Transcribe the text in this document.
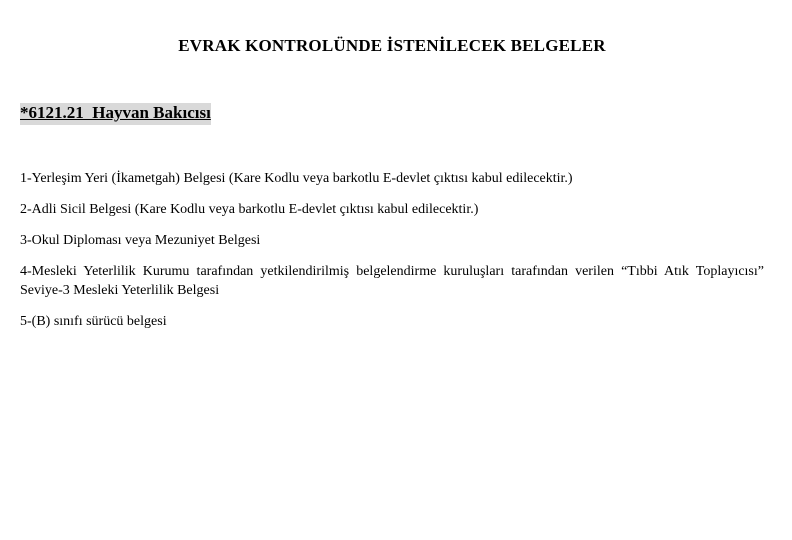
EVRAK KONTROLÜNDE İSTENİLECEK BELGELER
*6121.21  Hayvan Bakıcısı
1-Yerleşim Yeri (İkametgah) Belgesi (Kare Kodlu veya barkotlu E-devlet çıktısı kabul edilecektir.)
2-Adli Sicil Belgesi (Kare Kodlu veya barkotlu E-devlet çıktısı kabul edilecektir.)
3-Okul Diploması veya Mezuniyet Belgesi
4-Mesleki Yeterlilik Kurumu tarafından yetkilendirilmiş belgelendirme kuruluşları tarafından verilen “Tıbbi Atık Toplayıcısı” Seviye-3 Mesleki Yeterlilik Belgesi
5-(B) sınıfı sürücü belgesi
